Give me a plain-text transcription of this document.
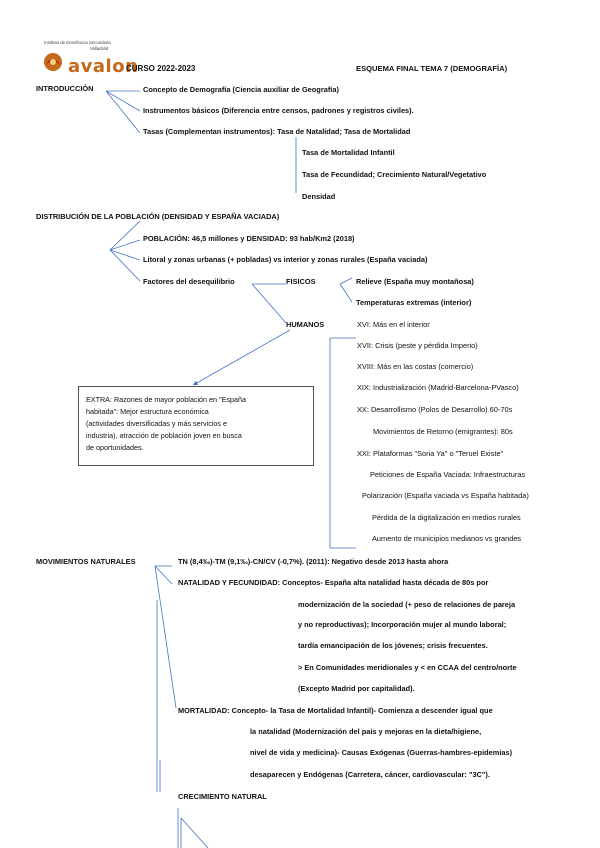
Instituto de Enseñanza Secundaria
Valladolid
avalon
CURSO 2022-2023	ESQUEMA FINAL TEMA 7 (DEMOGRAFÍA)
INTRODUCCIÓN	Concepto de Demografía (Ciencia auxiliar de Geografía)
Instrumentos básicos (Diferencia entre censos, padrones y registros civiles).
Tasas (Complementan instrumentos): Tasa de Natalidad; Tasa de Mortalidad
Tasa de Mortalidad Infantil
Tasa de Fecundidad; Crecimiento Natural/Vegetativo
Densidad
DISTRIBUCIÓN DE LA POBLACIÓN (DENSIDAD Y ESPAÑA VACIADA)
POBLACIÓN: 46,5 millones y DENSIDAD: 93 hab/Km2 (2018)
Litoral y zonas urbanas (+ pobladas) vs interior y zonas rurales (España vaciada)
Factores del desequilibrio	FISICOS	Relieve (España muy montañosa)
Temperaturas extremas (interior)
HUMANOS	XVI: Más en el interior
XVII: Crisis (peste y pérdida Imperio)
XVIII: Más en las costas (comercio)
XIX: Industrialización (Madrid-Barcelona-PVasco)
XX: Desarrollismo (Polos de Desarrollo) 60-70s
Movimientos de Retorno (emigrantes): 80s
XXI: Plataformas "Soria Ya" o "Teruel Existe"
Peticiones de España Vaciada: Infraestructuras
Polarización (España vaciada vs España habitada)
Pérdida de la digitalización en medios rurales
Aumento de municipios medianos vs grandes
EXTRA: Razones de mayor población en "España
habitada": Mejor estructura económica
(actividades diversificadas y más servicios e
industria), atracción de población joven en busca
de oportunidades.
MOVIMIENTOS NATURALES	TN (8,4‰)-TM (9,1‰)-CN/CV (-0,7%). (2011): Negativo desde 2013 hasta ahora
NATALIDAD Y FECUNDIDAD: Conceptos- España alta natalidad hasta década de 80s por
modernización de la sociedad (+ peso de relaciones de pareja
y no reproductivas); Incorporación mujer al mundo laboral;
tardía emancipación de los jóvenes; crisis frecuentes.
> En Comunidades meridionales y < en CCAA del centro/norte
(Excepto Madrid por capitalidad).
MORTALIDAD: Concepto- la Tasa de Mortalidad Infantil)- Comienza a descender igual que
la natalidad (Modernización del país y mejoras en la dieta/higiene,
nivel de vida y medicina)- Causas Exógenas (Guerras-hambres-epidemias)
desaparecen y Endógenas (Carretera, cáncer, cardiovascular: "3C").
CRECIMIENTO NATURAL
